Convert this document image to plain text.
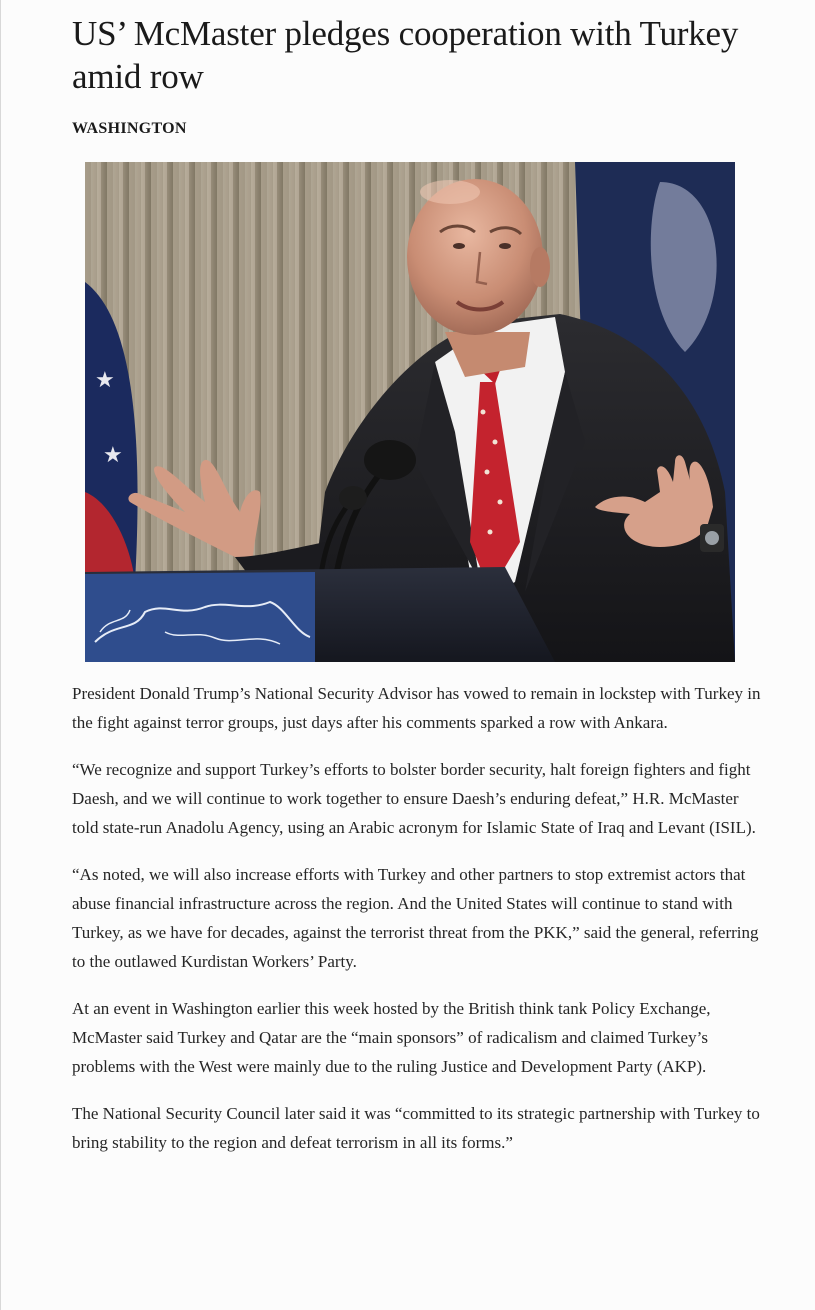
US’ McMaster pledges cooperation with Turkey amid row
WASHINGTON
★
★

President Donald Trump’s National Security Advisor has vowed to remain in lockstep with Turkey in the fight against terror groups, just days after his comments sparked a row with Ankara.

“We recognize and support Turkey’s efforts to bolster border security, halt foreign fighters and fight Daesh, and we will continue to work together to ensure Daesh’s enduring defeat,” H.R. McMaster told state-run Anadolu Agency, using an Arabic acronym for Islamic State of Iraq and Levant (ISIL).

“As noted, we will also increase efforts with Turkey and other partners to stop extremist actors that abuse financial infrastructure across the region. And the United States will continue to stand with Turkey, as we have for decades, against the terrorist threat from the PKK,” said the general, referring to the outlawed Kurdistan Workers’ Party.

At an event in Washington earlier this week hosted by the British think tank Policy Exchange, McMaster said Turkey and Qatar are the “main sponsors” of radicalism and claimed Turkey’s problems with the West were mainly due to the ruling Justice and Development Party (AKP).

The National Security Council later said it was “committed to its strategic partnership with Turkey to bring stability to the region and defeat terrorism in all its forms.”
